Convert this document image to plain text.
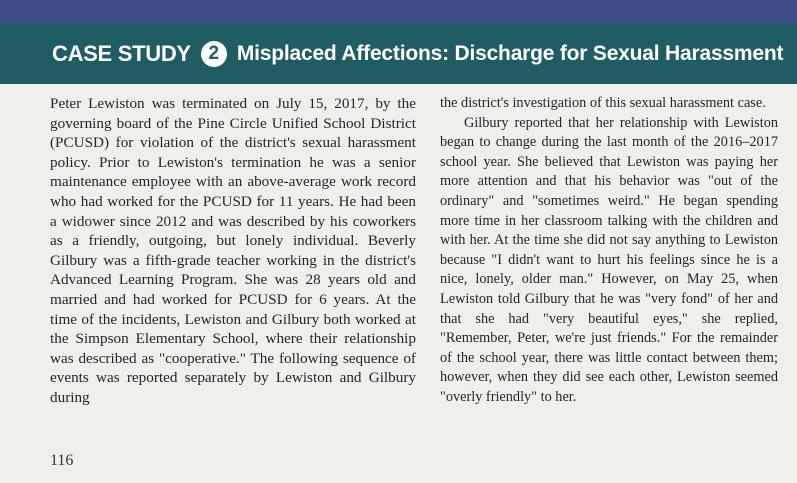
CASE STUDY 2 Misplaced Affections: Discharge for Sexual Harassment

Peter Lewiston was terminated on July 15, 2017, by the governing board of the Pine Circle Unified School District (PCUSD) for violation of the district's sexual harassment policy. Prior to Lewiston's termination he was a senior maintenance employee with an above-average work record who had worked for the PCUSD for 11 years. He had been a widower since 2012 and was described by his coworkers as a friendly, outgoing, but lonely individual. Beverly Gilbury was a fifth-grade teacher working in the district's Advanced Learning Program. She was 28 years old and married and had worked for PCUSD for 6 years. At the time of the incidents, Lewiston and Gilbury both worked at the Simpson Elementary School, where their relationship was described as "cooperative." The following sequence of events was reported separately by Lewiston and Gilbury during

the district's investigation of this sexual harassment case.

Gilbury reported that her relationship with Lewiston began to change during the last month of the 2016–2017 school year. She believed that Lewiston was paying her more attention and that his behavior was "out of the ordinary" and "sometimes weird." He began spending more time in her classroom talking with the children and with her. At the time she did not say anything to Lewiston because "I didn't want to hurt his feelings since he is a nice, lonely, older man." However, on May 25, when Lewiston told Gilbury that he was "very fond" of her and that she had "very beautiful eyes," she replied, "Remember, Peter, we're just friends." For the remainder of the school year, there was little contact between them; however, when they did see each other, Lewiston seemed "overly friendly" to her.

116
